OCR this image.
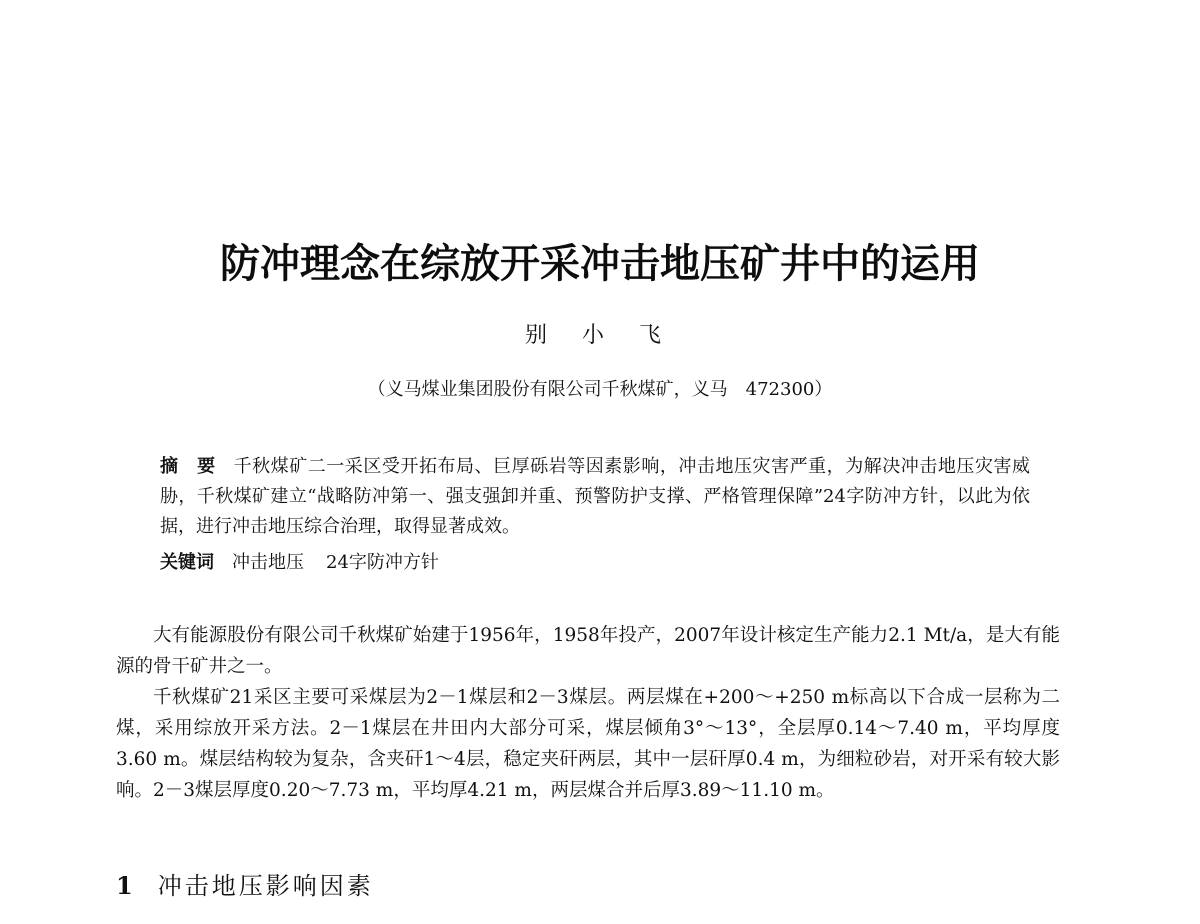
防冲理念在综放开采冲击地压矿井中的运用
别 小 飞
（义马煤业集团股份有限公司千秋煤矿，义马　472300）
摘　要 千秋煤矿二一采区受开拓布局、巨厚砾岩等因素影响，冲击地压灾害严重，为解决冲击地压灾害威胁，千秋煤矿建立“战略防冲第一、强支强卸并重、预警防护支撑、严格管理保障”24字防冲方针，以此为依据，进行冲击地压综合治理，取得显著成效。
关键词 冲击地压 24字防冲方针

大有能源股份有限公司千秋煤矿始建于1956年，1958年投产，2007年设计核定生产能力2.1 Mt/a，是大有能源的骨干矿井之一。

千秋煤矿21采区主要可采煤层为2－1煤层和2－3煤层。两层煤在+200～+250 m标高以下合成一层称为二煤，采用综放开采方法。2－1煤层在井田内大部分可采，煤层倾角3°～13°，全层厚0.14～7.40 m，平均厚度3.60 m。煤层结构较为复杂，含夹矸1～4层，稳定夹矸两层，其中一层矸厚0.4 m，为细粒砂岩，对开采有较大影响。2－3煤层厚度0.20～7.73 m，平均厚4.21 m，两层煤合并后厚3.89～11.10 m。

1 冲击地压影响因素
